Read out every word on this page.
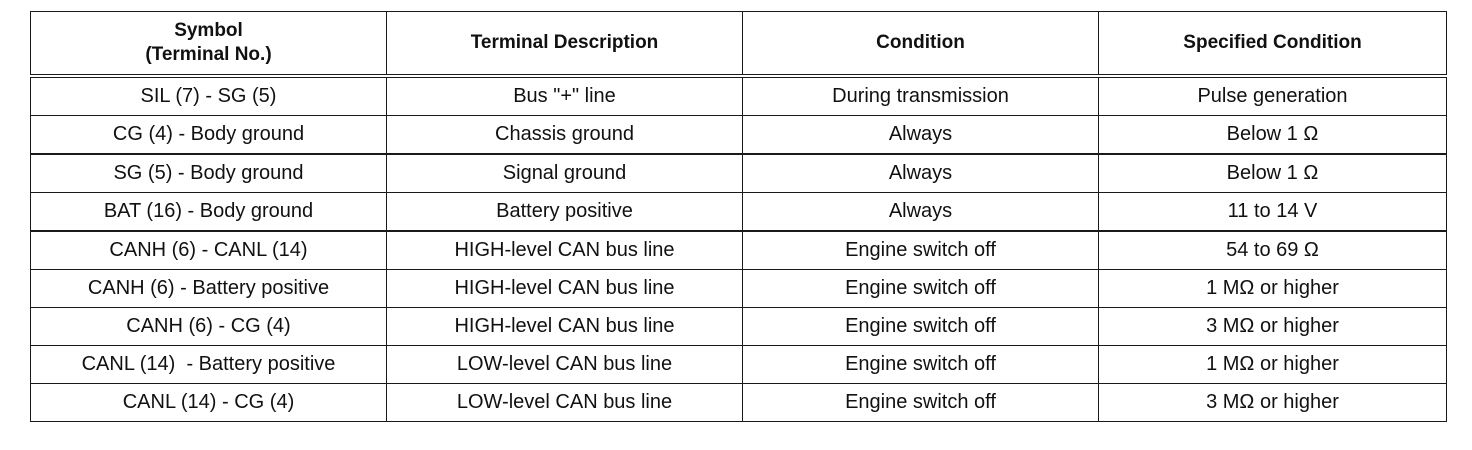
Symbol
(Terminal No.)	Terminal Description	Condition	Specified Condition
SIL (7) - SG (5)	Bus "+" line	During transmission	Pulse generation
CG (4) - Body ground	Chassis ground	Always	Below 1 Ω
SG (5) - Body ground	Signal ground	Always	Below 1 Ω
BAT (16) - Body ground	Battery positive	Always	11 to 14 V
CANH (6) - CANL (14)	HIGH-level CAN bus line	Engine switch off	54 to 69 Ω
CANH (6) - Battery positive	HIGH-level CAN bus line	Engine switch off	1 MΩ or higher
CANH (6) - CG (4)	HIGH-level CAN bus line	Engine switch off	3 MΩ or higher
CANL (14)  - Battery positive	LOW-level CAN bus line	Engine switch off	1 MΩ or higher
CANL (14) - CG (4)	LOW-level CAN bus line	Engine switch off	3 MΩ or higher
